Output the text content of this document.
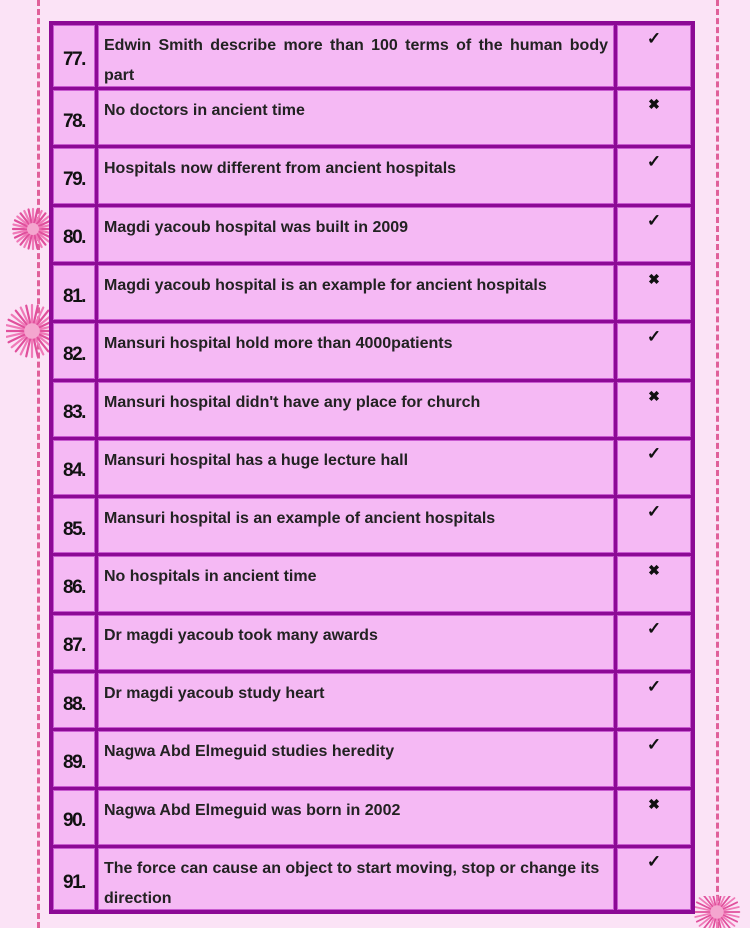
77.
Edwin Smith describe more than 100 terms of the human body part
✓
78.
No doctors in ancient time	✖
79.
Hospitals now different from ancient hospitals	✓
80.
Magdi yacoub hospital was built in 2009	✓
81.
Magdi yacoub hospital is an example for ancient hospitals	✖
82.
Mansuri hospital hold more than 4000patients	✓
83.
Mansuri hospital didn't have any place for church	✖
84.
Mansuri hospital has a huge lecture hall	✓
85.
Mansuri hospital is an example of ancient hospitals	✓
86.
No hospitals in ancient time	✖
87.
Dr magdi yacoub took many awards	✓
88.
Dr magdi yacoub study heart	✓
89.
Nagwa Abd Elmeguid studies heredity	✓
90.
Nagwa Abd Elmeguid was born in 2002	✖
91.
The force can cause an object to start moving, stop or change its direction
✓
